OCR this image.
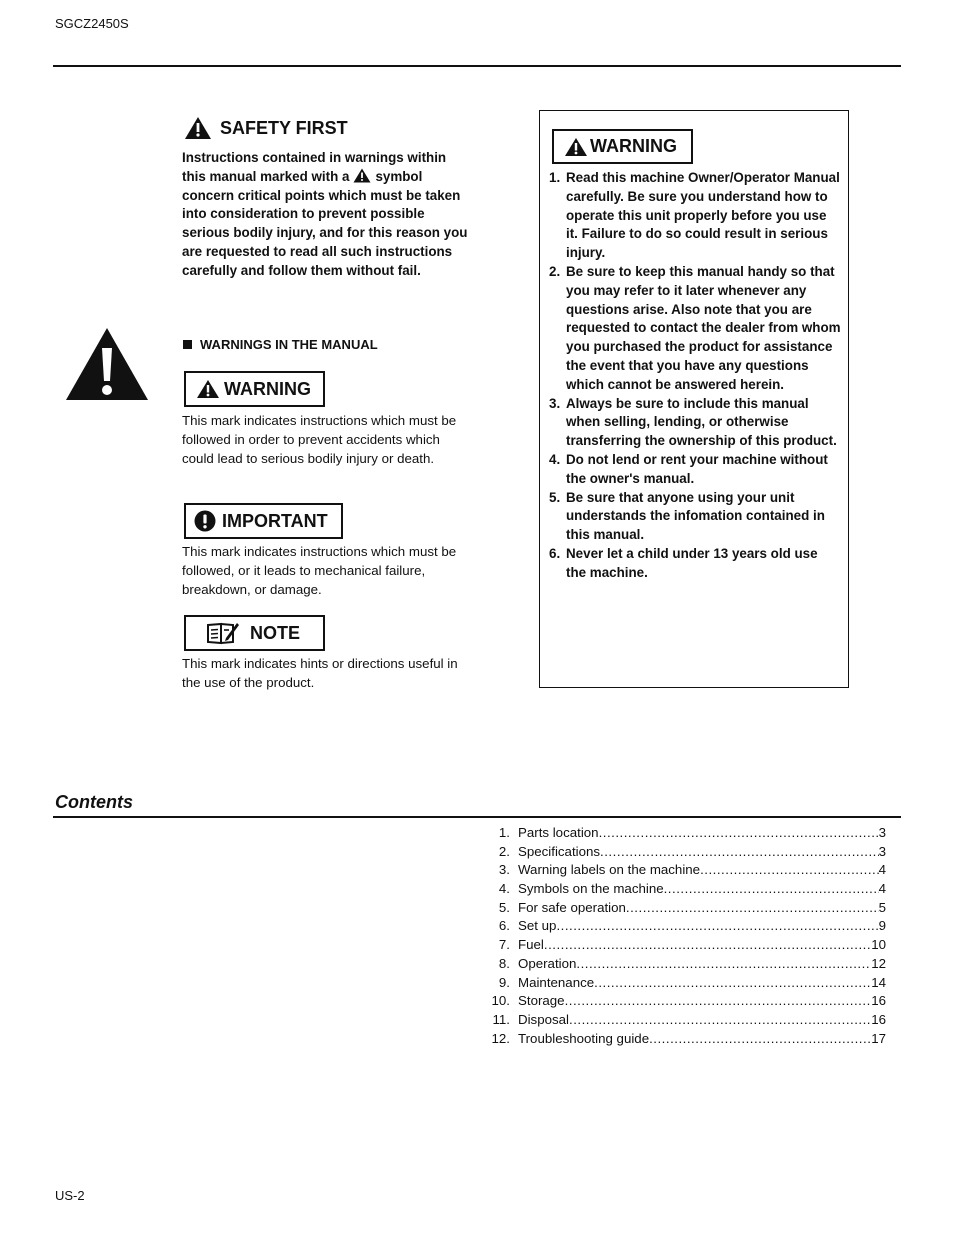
SGCZ2450S
SAFETY FIRST
Instructions contained in warnings within this manual marked with a symbol concern critical points which must be taken into consideration to prevent possible serious bodily injury, and for this reason you are requested to read all such instructions carefully and follow them without fail.
WARNINGS IN THE MANUAL
WARNING
This mark indicates instructions which must be followed in order to prevent accidents which could lead to serious bodily injury or death.
IMPORTANT
This mark indicates instructions which must be followed, or it leads to mechanical failure, breakdown, or damage.
NOTE
This mark indicates hints or directions useful in the use of the product.
WARNING
1. Read this machine Owner/Operator Manual carefully. Be sure you understand how to operate this unit properly before you use it. Failure to do so could result in serious injury.
2. Be sure to keep this manual handy so that you may refer to it later whenever any questions arise. Also note that you are requested to contact the dealer from whom you purchased the product for assistance the event that you have any questions which cannot be answered herein.
3. Always be sure to include this manual when selling, lending, or otherwise transferring the ownership of this product.
4. Do not lend or rent your machine without the owner's manual.
5. Be sure that anyone using your unit understands the infomation contained in this manual.
6. Never let a child under 13 years old use the machine.
Contents
1. Parts location .....	3
2. Specifications .....	3
3. Warning labels on the machine .....	4
4. Symbols on the machine .....	4
5. For safe operation .....	5
6. Set up .....	9
7. Fuel .....	10
8. Operation .....	12
9. Maintenance .....	14
10. Storage .....	16
11. Disposal .....	16
12. Troubleshooting guide .....	17
US-2
